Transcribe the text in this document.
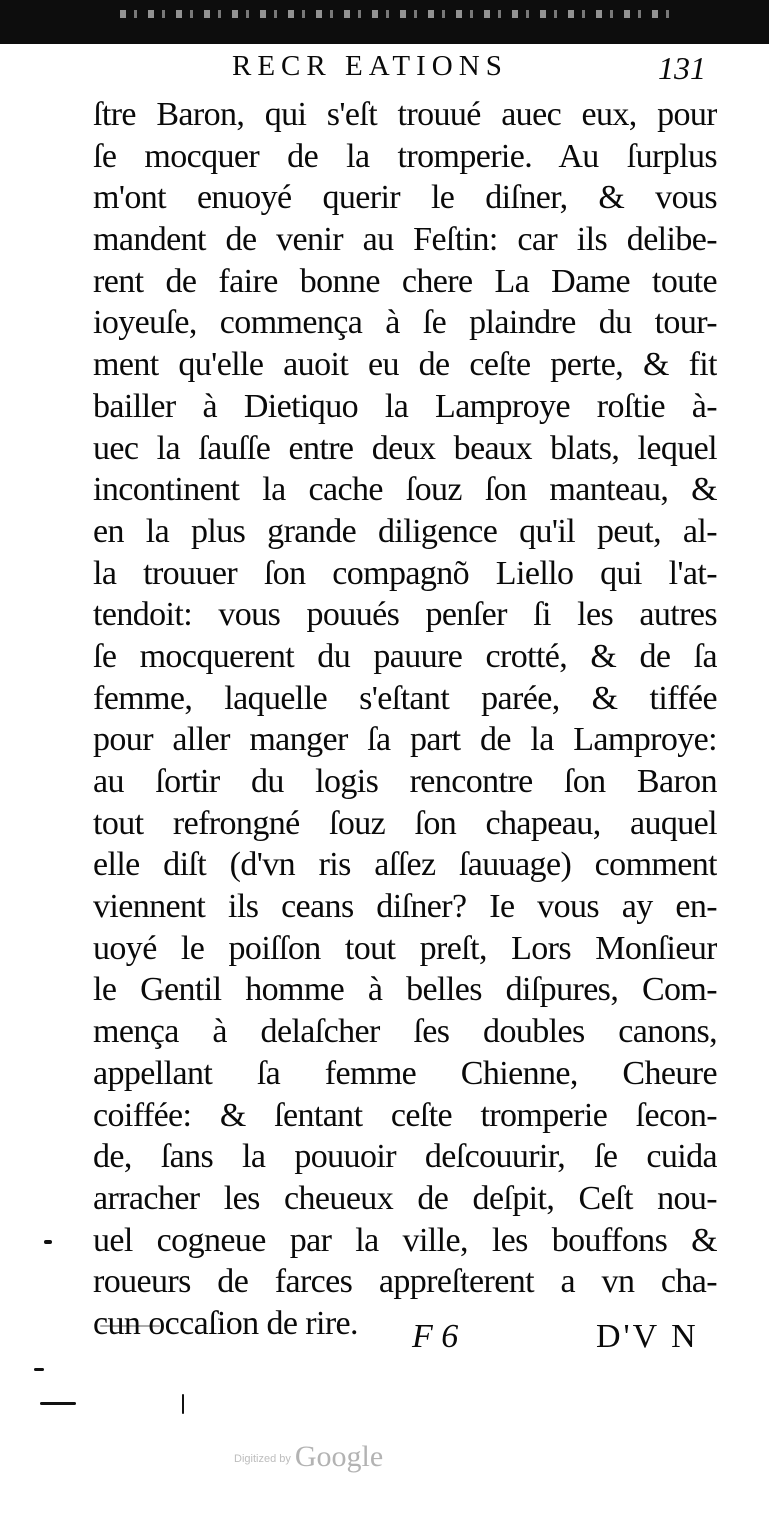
RECR EATIONS	131
ſtre Baron, qui s'eſt trouué auec eux, pour
ſe mocquer de la tromperie. Au ſurplus
m'ont enuoyé querir le diſner, & vous
mandent de venir au Feſtin: car ils delibe-
rent de faire bonne chere La Dame toute
ioyeuſe, commença à ſe plaindre du tour-
ment qu'elle auoit eu de ceſte perte, & fit
bailler à Dietiquo la Lamproye roſtie à-
uec la ſauſſe entre deux beaux blats, lequel
incontinent la cache ſouz ſon manteau, &
en la plus grande diligence qu'il peut, al-
la trouuer ſon compagnõ Liello qui l'at-
tendoit: vous pouués penſer ſi les autres
ſe mocquerent du pauure crotté, & de ſa
femme, laquelle s'eſtant parée, & tiffée
pour aller manger ſa part de la Lamproye:
au ſortir du logis rencontre ſon Baron
tout refrongné ſouz ſon chapeau, auquel
elle diſt (d'vn ris aſſez ſauuage) comment
viennent ils ceans diſner? Ie vous ay en-
uoyé le poiſſon tout preſt, Lors Monſieur
le Gentil homme à belles diſpures, Com-
mença à delaſcher ſes doubles canons,
appellant ſa femme Chienne, Cheure
coiffée: & ſentant ceſte tromperie ſecon-
de, ſans la pouuoir deſcouurir, ſe cuida
arracher les cheueux de deſpit, Ceſt nou-
uel cogneue par la ville, les bouffons &
roueurs de farces appreſterent a vn cha-
cun occaſion de rire.	F 6	D'V N
$^{Digitized by}$ Google
